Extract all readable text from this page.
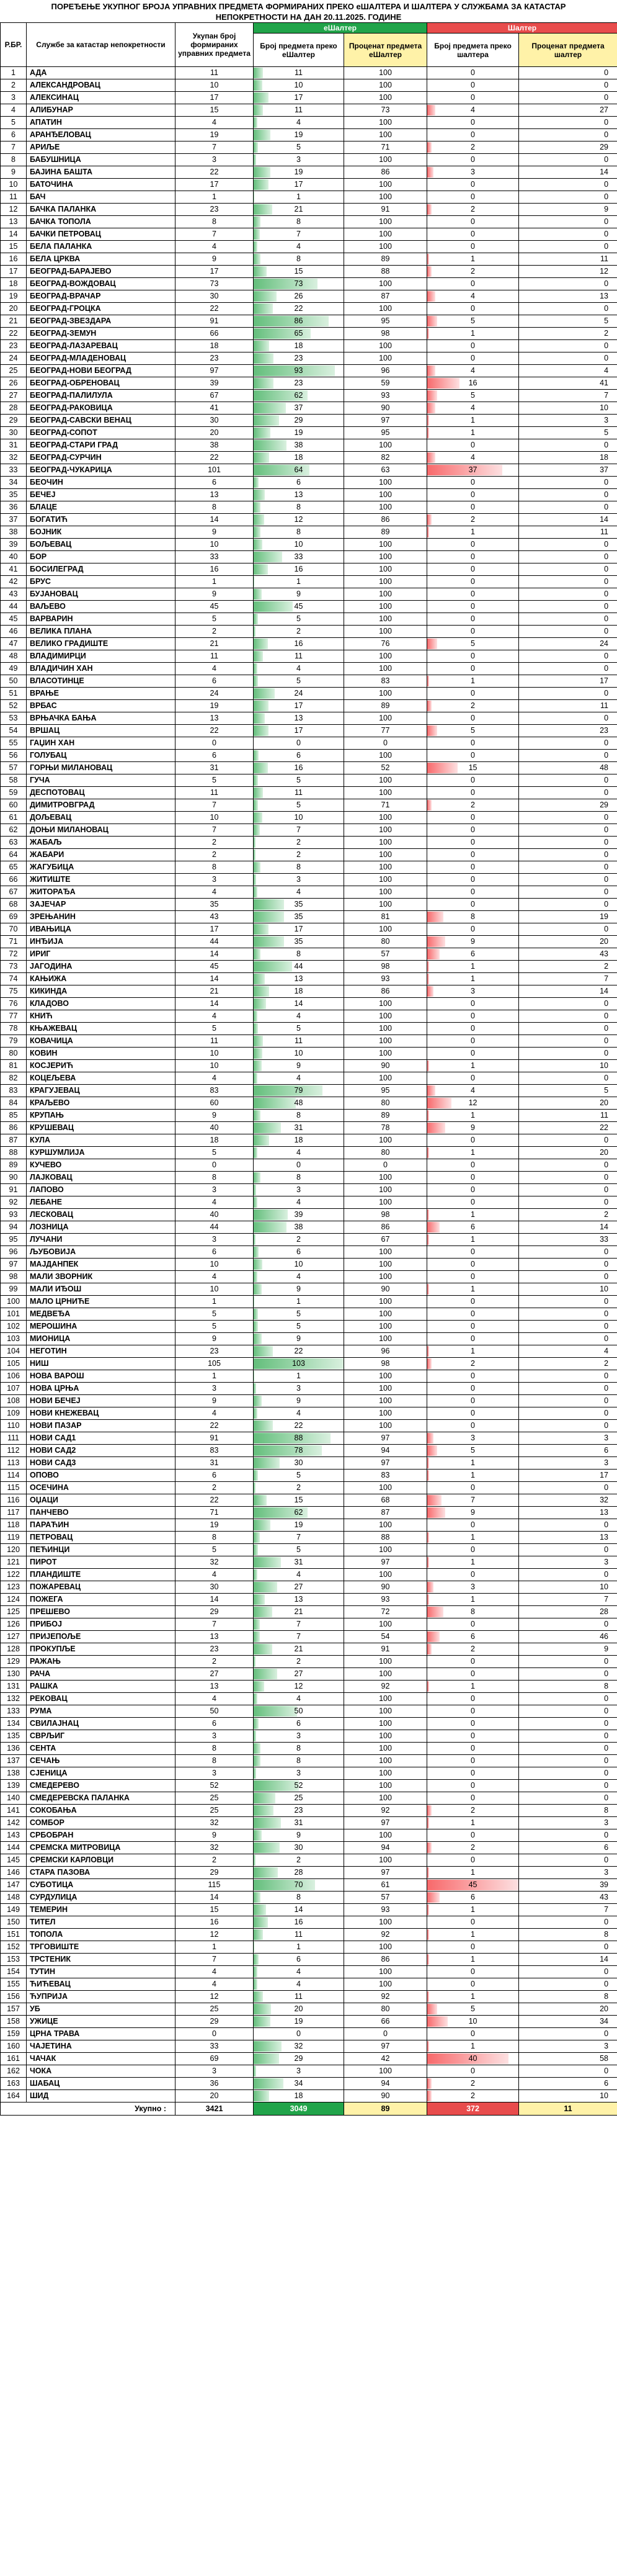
ПОРЕЂЕЊЕ УКУПНОГ БРОЈА УПРАВНИХ ПРЕДМЕТА ФОРМИРАНИХ ПРЕКО еШАЛТЕРА И ШАЛТЕРА У СЛУЖБАМА ЗА КАТАСТАР НЕПОКРЕТНОСТИ НА ДАН 20.11.2025. ГОДИНЕ
Р.БР.	Службе за катастар непокретности	Укупан број формираних управних предмета	еШалтер		Шалтер	
			Број предмета преко еШалтер	Проценат предмета еШалтер	Број предмета преко шалтера	Проценат предмета шалтер
1	АДА	11	11	100	0	0
2	АЛЕКСАНДРОВАЦ	10	10	100	0	0
3	АЛЕКСИНАЦ	17	17	100	0	0
4	АЛИБУНАР	15	11	73	4	27
5	АПАТИН	4	4	100	0	0
6	АРАНЂЕЛОВАЦ	19	19	100	0	0
7	АРИЉЕ	7	5	71	2	29
8	БАБУШНИЦА	3	3	100	0	0
9	БАЈИНА БАШТА	22	19	86	3	14
10	БАТОЧИНА	17	17	100	0	0
11	БАЧ	1	1	100	0	0
12	БАЧКА ПАЛАНКА	23	21	91	2	9
13	БАЧКА ТОПОЛА	8	8	100	0	0
14	БАЧКИ ПЕТРОВАЦ	7	7	100	0	0
15	БЕЛА ПАЛАНКА	4	4	100	0	0
16	БЕЛА ЦРКВА	9	8	89	1	11
17	БЕОГРАД-БАРАЈЕВО	17	15	88	2	12
18	БЕОГРАД-ВОЖДОВАЦ	73	73	100	0	0
19	БЕОГРАД-ВРАЧАР	30	26	87	4	13
20	БЕОГРАД-ГРОЦКА	22	22	100	0	0
21	БЕОГРАД-ЗВЕЗДАРА	91	86	95	5	5
22	БЕОГРАД-ЗЕМУН	66	65	98	1	2
23	БЕОГРАД-ЛАЗАРЕВАЦ	18	18	100	0	0
24	БЕОГРАД-МЛАДЕНОВАЦ	23	23	100	0	0
25	БЕОГРАД-НОВИ БЕОГРАД	97	93	96	4	4
26	БЕОГРАД-ОБРЕНОВАЦ	39	23	59	16	41
27	БЕОГРАД-ПАЛИЛУЛА	67	62	93	5	7
28	БЕОГРАД-РАКОВИЦА	41	37	90	4	10
29	БЕОГРАД-САВСКИ ВЕНАЦ	30	29	97	1	3
30	БЕОГРАД-СОПОТ	20	19	95	1	5
31	БЕОГРАД-СТАРИ ГРАД	38	38	100	0	0
32	БЕОГРАД-СУРЧИН	22	18	82	4	18
33	БЕОГРАД-ЧУКАРИЦА	101	64	63	37	37
34	БЕОЧИН	6	6	100	0	0
35	БЕЧЕЈ	13	13	100	0	0
36	БЛАЦЕ	8	8	100	0	0
37	БОГАТИЋ	14	12	86	2	14
38	БОЈНИК	9	8	89	1	11
39	БОЉЕВАЦ	10	10	100	0	0
40	БОР	33	33	100	0	0
41	БОСИЛЕГРАД	16	16	100	0	0
42	БРУС	1	1	100	0	0
43	БУЈАНОВАЦ	9	9	100	0	0
44	ВАЉЕВО	45	45	100	0	0
45	ВАРВАРИН	5	5	100	0	0
46	ВЕЛИКА ПЛАНА	2	2	100	0	0
47	ВЕЛИКО ГРАДИШТЕ	21	16	76	5	24
48	ВЛАДИМИРЦИ	11	11	100	0	0
49	ВЛАДИЧИН ХАН	4	4	100	0	0
50	ВЛАСОТИНЦЕ	6	5	83	1	17
51	ВРАЊЕ	24	24	100	0	0
52	ВРБАС	19	17	89	2	11
53	ВРЊАЧКА БАЊА	13	13	100	0	0
54	ВРШАЦ	22	17	77	5	23
55	ГАЏИН ХАН	0	0	0	0	0
56	ГОЛУБАЦ	6	6	100	0	0
57	ГОРЊИ МИЛАНОВАЦ	31	16	52	15	48
58	ГУЧА	5	5	100	0	0
59	ДЕСПОТОВАЦ	11	11	100	0	0
60	ДИМИТРОВГРАД	7	5	71	2	29
61	ДОЉЕВАЦ	10	10	100	0	0
62	ДОЊИ МИЛАНОВАЦ	7	7	100	0	0
63	ЖАБАЉ	2	2	100	0	0
64	ЖАБАРИ	2	2	100	0	0
65	ЖАГУБИЦА	8	8	100	0	0
66	ЖИТИШТЕ	3	3	100	0	0
67	ЖИТОРАЂА	4	4	100	0	0
68	ЗАЈЕЧАР	35	35	100	0	0
69	ЗРЕЊАНИН	43	35	81	8	19
70	ИВАЊИЦА	17	17	100	0	0
71	ИНЂИЈА	44	35	80	9	20
72	ИРИГ	14	8	57	6	43
73	ЈАГОДИНА	45	44	98	1	2
74	КАЊИЖА	14	13	93	1	7
75	КИКИНДА	21	18	86	3	14
76	КЛАДОВО	14	14	100	0	0
77	КНИЋ	4	4	100	0	0
78	КЊАЖЕВАЦ	5	5	100	0	0
79	КОВАЧИЦА	11	11	100	0	0
80	КОВИН	10	10	100	0	0
81	КОСЈЕРИЋ	10	9	90	1	10
82	КОЦЕЉЕВА	4	4	100	0	0
83	КРАГУЈЕВАЦ	83	79	95	4	5
84	КРАЉЕВО	60	48	80	12	20
85	КРУПАЊ	9	8	89	1	11
86	КРУШЕВАЦ	40	31	78	9	22
87	КУЛА	18	18	100	0	0
88	КУРШУМЛИЈА	5	4	80	1	20
89	КУЧЕВО	0	0	0	0	0
90	ЛАЈКОВАЦ	8	8	100	0	0
91	ЛАПОВО	3	3	100	0	0
92	ЛЕБАНЕ	4	4	100	0	0
93	ЛЕСКОВАЦ	40	39	98	1	2
94	ЛОЗНИЦА	44	38	86	6	14
95	ЛУЧАНИ	3	2	67	1	33
96	ЉУБОВИЈА	6	6	100	0	0
97	МАЈДАНПЕК	10	10	100	0	0
98	МАЛИ ЗВОРНИК	4	4	100	0	0
99	МАЛИ ИЂОШ	10	9	90	1	10
100	МАЛО ЦРНИЋЕ	1	1	100	0	0
101	МЕДВЕЂА	5	5	100	0	0
102	МЕРОШИНА	5	5	100	0	0
103	МИОНИЦА	9	9	100	0	0
104	НЕГОТИН	23	22	96	1	4
105	НИШ	105	103	98	2	2
106	НОВА ВАРОШ	1	1	100	0	0
107	НОВА ЦРЊА	3	3	100	0	0
108	НОВИ БЕЧЕЈ	9	9	100	0	0
109	НОВИ КНЕЖЕВАЦ	4	4	100	0	0
110	НОВИ ПАЗАР	22	22	100	0	0
111	НОВИ САД1	91	88	97	3	3
112	НОВИ САД2	83	78	94	5	6
113	НОВИ САД3	31	30	97	1	3
114	ОПОВО	6	5	83	1	17
115	ОСЕЧИНА	2	2	100	0	0
116	ОЏАЦИ	22	15	68	7	32
117	ПАНЧЕВО	71	62	87	9	13
118	ПАРАЋИН	19	19	100	0	0
119	ПЕТРОВАЦ	8	7	88	1	13
120	ПЕЋИНЦИ	5	5	100	0	0
121	ПИРОТ	32	31	97	1	3
122	ПЛАНДИШТЕ	4	4	100	0	0
123	ПОЖАРЕВАЦ	30	27	90	3	10
124	ПОЖЕГА	14	13	93	1	7
125	ПРЕШЕВО	29	21	72	8	28
126	ПРИБОЈ	7	7	100	0	0
127	ПРИЈЕПОЉЕ	13	7	54	6	46
128	ПРОКУПЉЕ	23	21	91	2	9
129	РАЖАЊ	2	2	100	0	0
130	РАЧА	27	27	100	0	0
131	РАШКА	13	12	92	1	8
132	РЕКОВАЦ	4	4	100	0	0
133	РУМА	50	50	100	0	0
134	СВИЛАЈНАЦ	6	6	100	0	0
135	СВРЉИГ	3	3	100	0	0
136	СЕНТА	8	8	100	0	0
137	СЕЧАЊ	8	8	100	0	0
138	СЈЕНИЦА	3	3	100	0	0
139	СМЕДЕРЕВО	52	52	100	0	0
140	СМЕДЕРЕВСКА ПАЛАНКА	25	25	100	0	0
141	СОКОБАЊА	25	23	92	2	8
142	СОМБОР	32	31	97	1	3
143	СРБОБРАН	9	9	100	0	0
144	СРЕМСКА МИТРОВИЦА	32	30	94	2	6
145	СРЕМСКИ КАРЛОВЦИ	2	2	100	0	0
146	СТАРА ПАЗОВА	29	28	97	1	3
147	СУБОТИЦА	115	70	61	45	39
148	СУРДУЛИЦА	14	8	57	6	43
149	ТЕМЕРИН	15	14	93	1	7
150	ТИТЕЛ	16	16	100	0	0
151	ТОПОЛА	12	11	92	1	8
152	ТРГОВИШТЕ	1	1	100	0	0
153	ТРСТЕНИК	7	6	86	1	14
154	ТУТИН	4	4	100	0	0
155	ЋИЋЕВАЦ	4	4	100	0	0
156	ЋУПРИЈА	12	11	92	1	8
157	УБ	25	20	80	5	20
158	УЖИЦЕ	29	19	66	10	34
159	ЦРНА ТРАВА	0	0	0	0	0
160	ЧАЈЕТИНА	33	32	97	1	3
161	ЧАЧАК	69	29	42	40	58
162	ЧОКА	3	3	100	0	0
163	ШАБАЦ	36	34	94	2	6
164	ШИД	20	18	90	2	10
Укупно :		3421	3049	89	372	11
